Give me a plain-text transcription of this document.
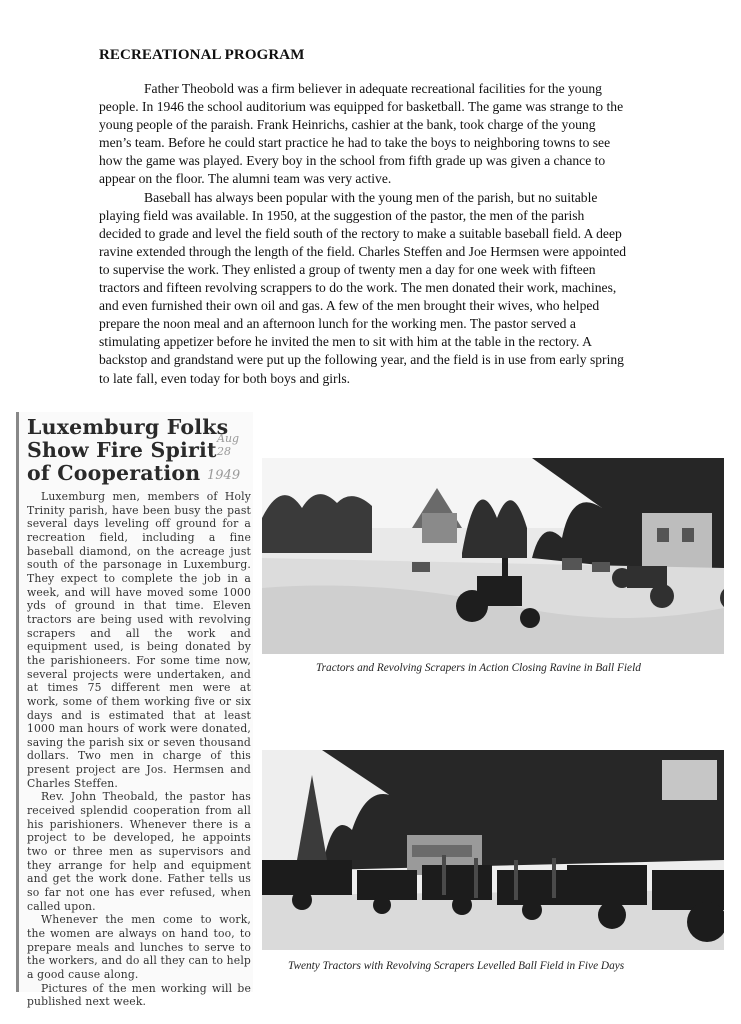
RECREATIONAL PROGRAM

Father Theobold was a firm believer in adequate recreational facilities for the young people. In 1946 the school auditorium was equipped for basketball. The game was strange to the young people of the paraish. Frank Heinrichs, cashier at the bank, took charge of the young men’s team. Before he could start practice he had to take the boys to neighboring towns to see how the game was played. Every boy in the school from fifth grade up was given a chance to appear on the floor. The alumni team was very active.

Baseball has always been popular with the young men of the parish, but no suitable playing field was available. In 1950, at the suggestion of the pastor, the men of the parish decided to grade and level the field south of the rectory to make a suitable baseball field. A deep ravine extended through the length of the field. Charles Steffen and Joe Hermsen were appointed to supervise the work. They enlisted a group of twenty men a day for one week with fifteen tractors and fifteen revolving scrappers to do the work. The men donated their work, machines, and even furnished their own oil and gas. A few of the men brought their wives, who helped prepare the noon meal and an afternoon lunch for the working men. The pastor served a stimulating appetizer before he invited the men to sit with him at the table in the rectory. A backstop and grandstand were put up the following year, and the field is in use from early spring to late fall, even today for both boys and girls.

Luxemburg Folks
Show Fire Spirit
of Cooperation
Aug 28
1949

Luxemburg men, members of Holy Trinity parish, have been busy the past several days leveling off ground for a recreation field, including a fine baseball diamond, on the acreage just south of the parsonage in Luxemburg. They expect to complete the job in a week, and will have moved some 1000 yds of ground in that time. Eleven tractors are being used with revolving scrapers and all the work and equipment used, is being donated by the parishioneers. For some time now, several projects were undertaken, and at times 75 different men were at work, some of them working five or six days and is estimated that at least 1000 man hours of work were donated, saving the parish six or seven thousand dollars. Two men in charge of this present project are Jos. Hermsen and Charles Steffen.

Rev. John Theobald, the pastor has received splendid cooperation from all his parishioners. Whenever there is a project to be developed, he appoints two or three men as supervisors and they arrange for help and equipment and get the work done. Father tells us so far not one has ever refused, when called upon.

Whenever the men come to work, the women are always on hand too, to prepare meals and lunches to serve to the workers, and do all they can to help a good cause along.

Pictures of the men working will be published next week.

Tractors and Revolving Scrapers in Action Closing Ravine in Ball Field
Twenty Tractors with Revolving Scrapers Levelled Ball Field in Five Days
